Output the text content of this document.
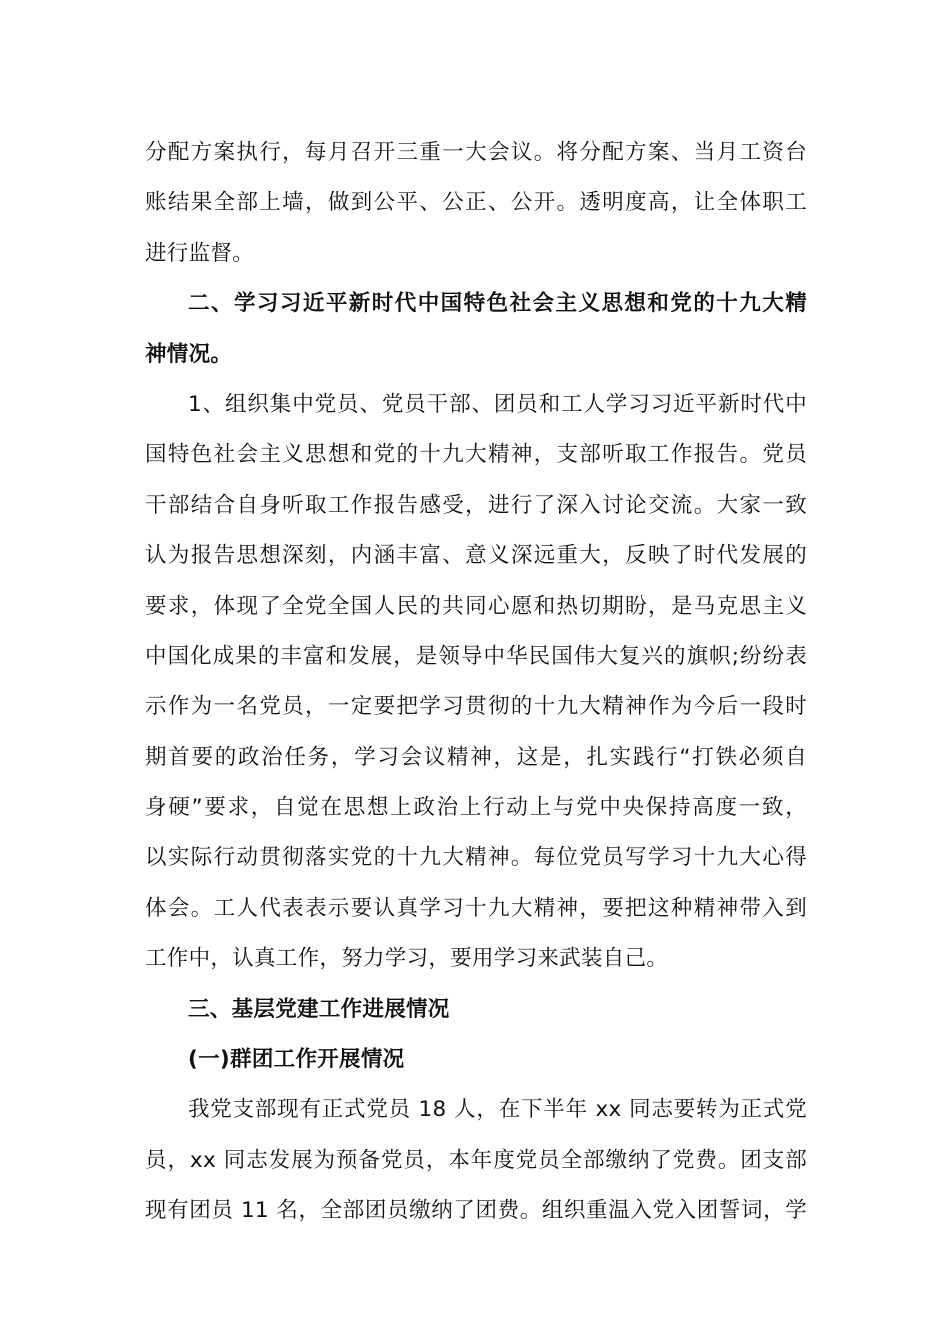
分配方案执行，每月召开三重一大会议。将分配方案、当月工资台
账结果全部上墙，做到公平、公正、公开。透明度高，让全体职工
进行监督。
二、学习习近平新时代中国特色社会主义思想和党的十九大精
神情况。
1、组织集中党员、党员干部、团员和工人学习习近平新时代中
国特色社会主义思想和党的十九大精神，支部听取工作报告。党员
干部结合自身听取工作报告感受，进行了深入讨论交流。大家一致
认为报告思想深刻，内涵丰富、意义深远重大，反映了时代发展的
要求，体现了全党全国人民的共同心愿和热切期盼，是马克思主义
中国化成果的丰富和发展，是领导中华民国伟大复兴的旗帜;纷纷表
示作为一名党员，一定要把学习贯彻的十九大精神作为今后一段时
期首要的政治任务，学习会议精神，这是，扎实践行“打铁必须自
身硬”要求，自觉在思想上政治上行动上与党中央保持高度一致，
以实际行动贯彻落实党的十九大精神。每位党员写学习十九大心得
体会。工人代表表示要认真学习十九大精神，要把这种精神带入到
工作中，认真工作，努力学习，要用学习来武装自己。
三、基层党建工作进展情况
(一)群团工作开展情况
我党支部现有正式党员 18 人，在下半年 xx 同志要转为正式党
员，xx 同志发展为预备党员，本年度党员全部缴纳了党费。团支部
现有团员 11 名，全部团员缴纳了团费。组织重温入党入团誓词，学
